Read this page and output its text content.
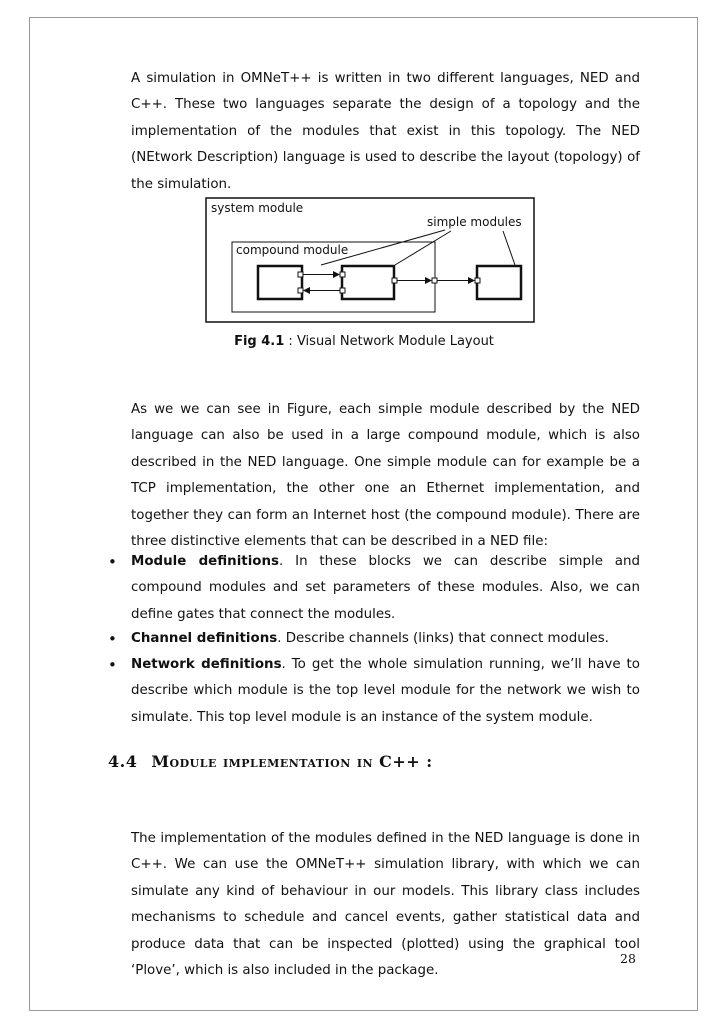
A simulation in OMNeT++ is written in two different languages, NED and C++. These two languages separate the design of a topology and the implementation of the modules that exist in this topology. The NED (NEtwork Description) language is used to describe the layout (topology) of the simulation.

system module
simple modules
compound module

Fig 4.1 : Visual Network Module Layout

As we we can see in Figure, each simple module described by the NED language can also be used in a large compound module, which is also described in the NED language. One simple module can for example be a TCP implementation, the other one an Ethernet implementation, and together they can form an Internet host (the compound module). There are three distinctive elements that can be described in a NED file:

• Module definitions. In these blocks we can describe simple and compound modules and set parameters of these modules. Also, we can define gates that connect the modules.
• Channel definitions. Describe channels (links) that connect modules.
• Network definitions. To get the whole simulation running, we’ll have to describe which module is the top level module for the network we wish to simulate. This top level module is an instance of the system module.
4.4 Module implementation in C++ :

The implementation of the modules defined in the NED language is done in C++. We can use the OMNeT++ simulation library, with which we can simulate any kind of behaviour in our models. This library class includes mechanisms to schedule and cancel events, gather statistical data and produce data that can be inspected (plotted) using the graphical tool ‘Plove’, which is also included in the package.

28
